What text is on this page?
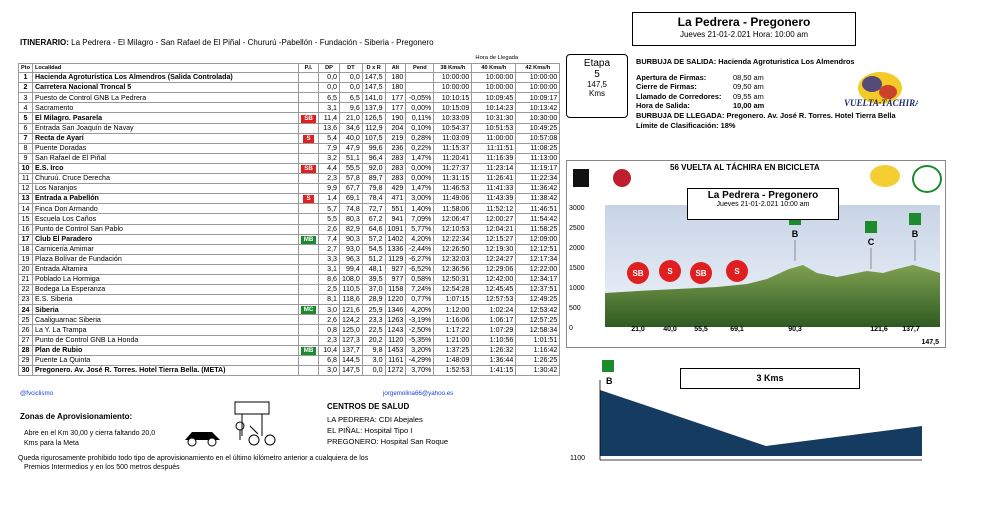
La Pedrera - Pregonero
Jueves 21-01-2.021 Hora: 10:00 am
ITINERARIO: La Pedrera - El Milagro - San Rafael de El Piñal - Chururú -Pabellón - Fundación - Siberia - Pregonero
								Hora de Llegada		
Pto	Localidad	P.I.	DP	DT	D x R	Alt	Pend	38 Kms/h	40 Kms/h	42 Kms/h
1	Hacienda Agroturística Los Almendros (Salida Controlada)		0,0	0,0	147,5	180		10:00:00	10:00:00	10:00:00
2	Carretera Nacional Troncal 5		0,0	0,0	147,5	180		10:00:00	10:00:00	10:00:00
3	Puesto de Control GNB La Pedrera		6,5	6,5	141,0	177	-0,05%	10:10:15	10:09:45	10:09:17
4	Sacramento		3,1	9,6	137,9	177	0,00%	10:15:09	10:14:23	10:13:42
5	El Milagro. Pasarela	SB	11,4	21,0	126,5	190	0,11%	10:33:09	10:31:30	10:30:00
6	Entrada San Joaquín de Navay		13,6	34,6	112,9	204	0,10%	10:54:37	10:51:53	10:49:25
7	Recta de Ayarí	S	5,4	40,0	107,5	219	0,28%	11:03:09	11:00:00	10:57:08
8	Puente Doradas		7,9	47,9	99,6	236	0,22%	11:15:37	11:11:51	11:08:25
9	San Rafael de El Piñal		3,2	51,1	96,4	283	1,47%	11:20:41	11:16:39	11:13:00
10	E.S. Irco	SB	4,4	55,5	92,0	283	0,00%	11:27:37	11:23:14	11:19:17
11	Churuú. Cruce Derecha		2,3	57,8	89,7	283	0,00%	11:31:15	11:26:41	11:22:34
12	Los Naranjos		9,9	67,7	79,8	429	1,47%	11:46:53	11:41:33	11:36:42
13	Entrada a Pabellón	S	1,4	69,1	78,4	471	3,00%	11:49:06	11:43:39	11:38:42
14	Finca Don Armando		5,7	74,8	72,7	551	1,40%	11:58:06	11:52:12	11:46:51
15	Escuela Los Caños		5,5	80,3	67,2	941	7,09%	12:06:47	12:00:27	11:54:42
16	Punto de Control San Pablo		2,6	82,9	64,6	1091	5,77%	12:10:53	12:04:21	11:58:25
17	Club El Paradero	MB	7,4	90,3	57,2	1402	4,20%	12:22:34	12:15:27	12:09:00
18	Carnicería Amimar		2,7	93,0	54,5	1336	-2,44%	12:26:50	12:19:30	12:12:51
19	Plaza Bolívar de Fundación		3,3	96,3	51,2	1129	-6,27%	12:32:03	12:24:27	12:17:34
20	Entrada Altamira		3,1	99,4	48,1	927	-6,52%	12:36:56	12:29:06	12:22:00
21	Poblado La Hormiga		8,6	108,0	39,5	977	0,58%	12:50:31	12:42:00	12:34:17
22	Bodega La Esperanza		2,5	110,5	37,0	1158	7,24%	12:54:28	12:45:45	12:37:51
23	E.S. Siberia		8,1	118,6	28,9	1220	0,77%	1:07:15	12:57:53	12:49:25
24	Siberia	MC	3,0	121,6	25,9	1346	4,20%	1:12:00	1:02:24	12:53:42
25	Caaliguarnac Siberia		2,6	124,2	23,3	1263	-3,19%	1:16:06	1:06:17	12:57:25
26	La Y. La Trampa		0,8	125,0	22,5	1243	-2,50%	1:17:22	1:07:29	12:58:34
27	Punto de Control GNB La Honda		2,3	127,3	20,2	1120	-5,35%	1:21:00	1:10:56	1:01:51
28	Plan de Rubio	MB	10,4	137,7	9,8	1453	3,20%	1:37:25	1:26:32	1:16:42
29	Puente La Quinta		6,8	144,5	3,0	1161	-4,29%	1:48:09	1:36:44	1:26:25
30	Pregonero. Av. José R. Torres. Hotel Tierra Bella. (META)		3,0	147,5	0,0	1272	3,70%	1:52:53	1:41:15	1:30:42
@fvciclismo	jorgemolina66@yahoo.es
Zonas de Aprovisionamiento:
Abre en el Km 30,00 y cierra faltando 20,0
Kms para la Meta
Queda rigurosamente prohibido todo tipo de aprovisionamiento en el último kilómetro anterior a cualquiera de los
Premios Intermedios y en los 500 metros después
CENTROS DE SALUD
LA PEDRERA: CDI Abejales
EL PIÑAL: Hospital Tipo I
PREGONERO: Hospital San Roque
Etapa
5
147,5
Kms
BURBUJA DE SALIDA: Hacienda Agroturistica Los Almendros
Apertura de Firmas:	08,50 am
Cierre de Firmas:	09,50 am
Llamado de Corredores: 09,55 am
Hora de Salida:	10,00 am
BURBUJA DE LLEGADA: Pregonero. Av. José R. Torres. Hotel Tierra Bella
Límite de Clasificación: 18%
VUELTA·TÁCHIRA
56 VUELTA AL TÁCHIRA EN BICICLETA
3000
2500
2000
1500
1000
500
0	21,0	40,0 55,5	69,1	90,3	121,6 137,7
147,5
SB	S	SB	S
B
C
B
La Pedrera - Pregonero
Jueves 21-01-2.021 10:00 am
3 Kms
B
1100
